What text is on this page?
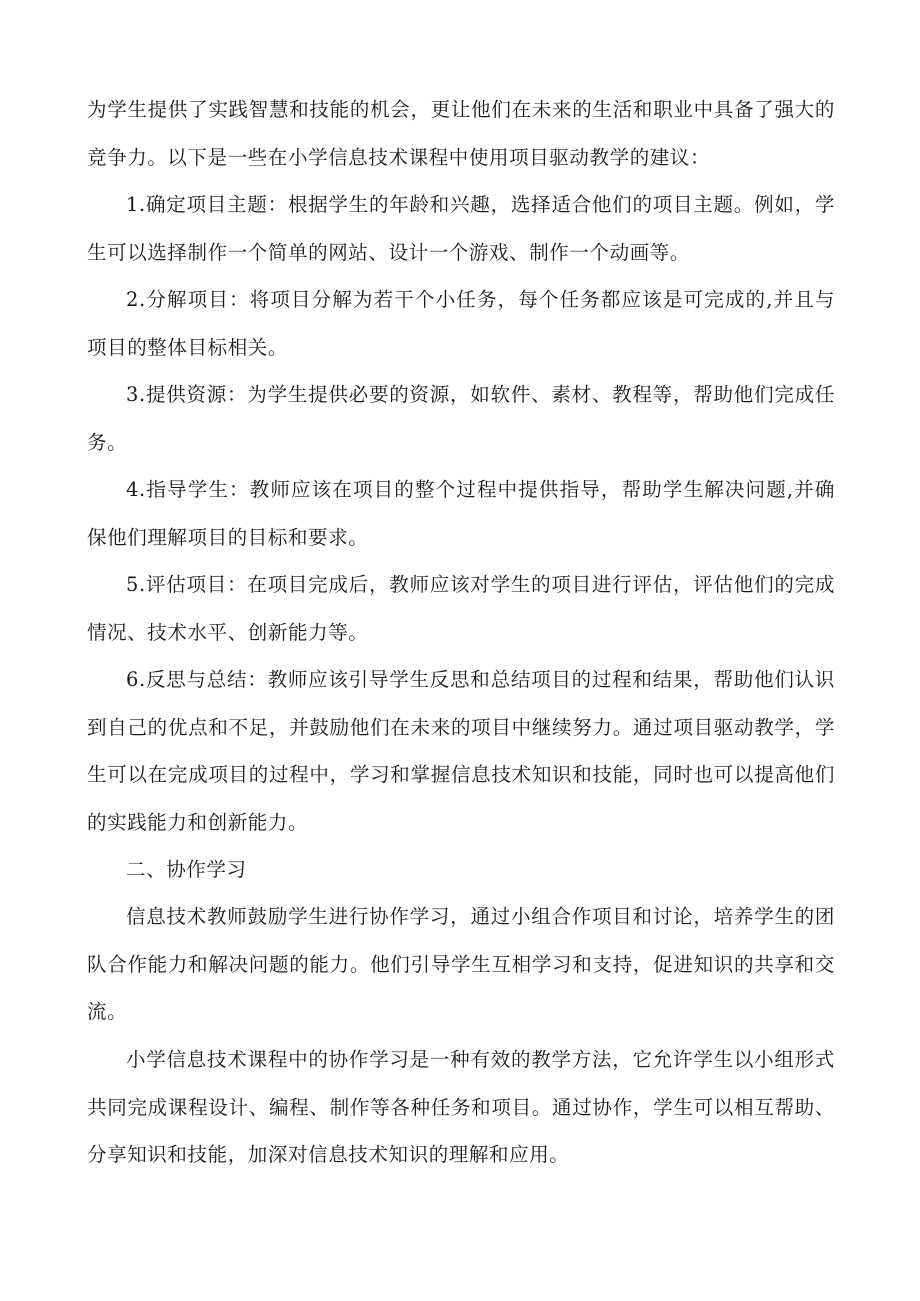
为学生提供了实践智慧和技能的机会，更让他们在未来的生活和职业中具备了强大的竞争力。以下是一些在小学信息技术课程中使用项目驱动教学的建议：

1.确定项目主题：根据学生的年龄和兴趣，选择适合他们的项目主题。例如，学生可以选择制作一个简单的网站、设计一个游戏、制作一个动画等。

2.分解项目：将项目分解为若干个小任务，每个任务都应该是可完成的,并且与项目的整体目标相关。

3.提供资源：为学生提供必要的资源，如软件、素材、教程等，帮助他们完成任务。

4.指导学生：教师应该在项目的整个过程中提供指导，帮助学生解决问题,并确保他们理解项目的目标和要求。

5.评估项目：在项目完成后，教师应该对学生的项目进行评估，评估他们的完成情况、技术水平、创新能力等。

6.反思与总结：教师应该引导学生反思和总结项目的过程和结果，帮助他们认识到自己的优点和不足，并鼓励他们在未来的项目中继续努力。通过项目驱动教学，学生可以在完成项目的过程中，学习和掌握信息技术知识和技能，同时也可以提高他们的实践能力和创新能力。

二、协作学习

信息技术教师鼓励学生进行协作学习，通过小组合作项目和讨论，培养学生的团队合作能力和解决问题的能力。他们引导学生互相学习和支持，促进知识的共享和交流。

小学信息技术课程中的协作学习是一种有效的教学方法，它允许学生以小组形式共同完成课程设计、编程、制作等各种任务和项目。通过协作，学生可以相互帮助、分享知识和技能，加深对信息技术知识的理解和应用。
